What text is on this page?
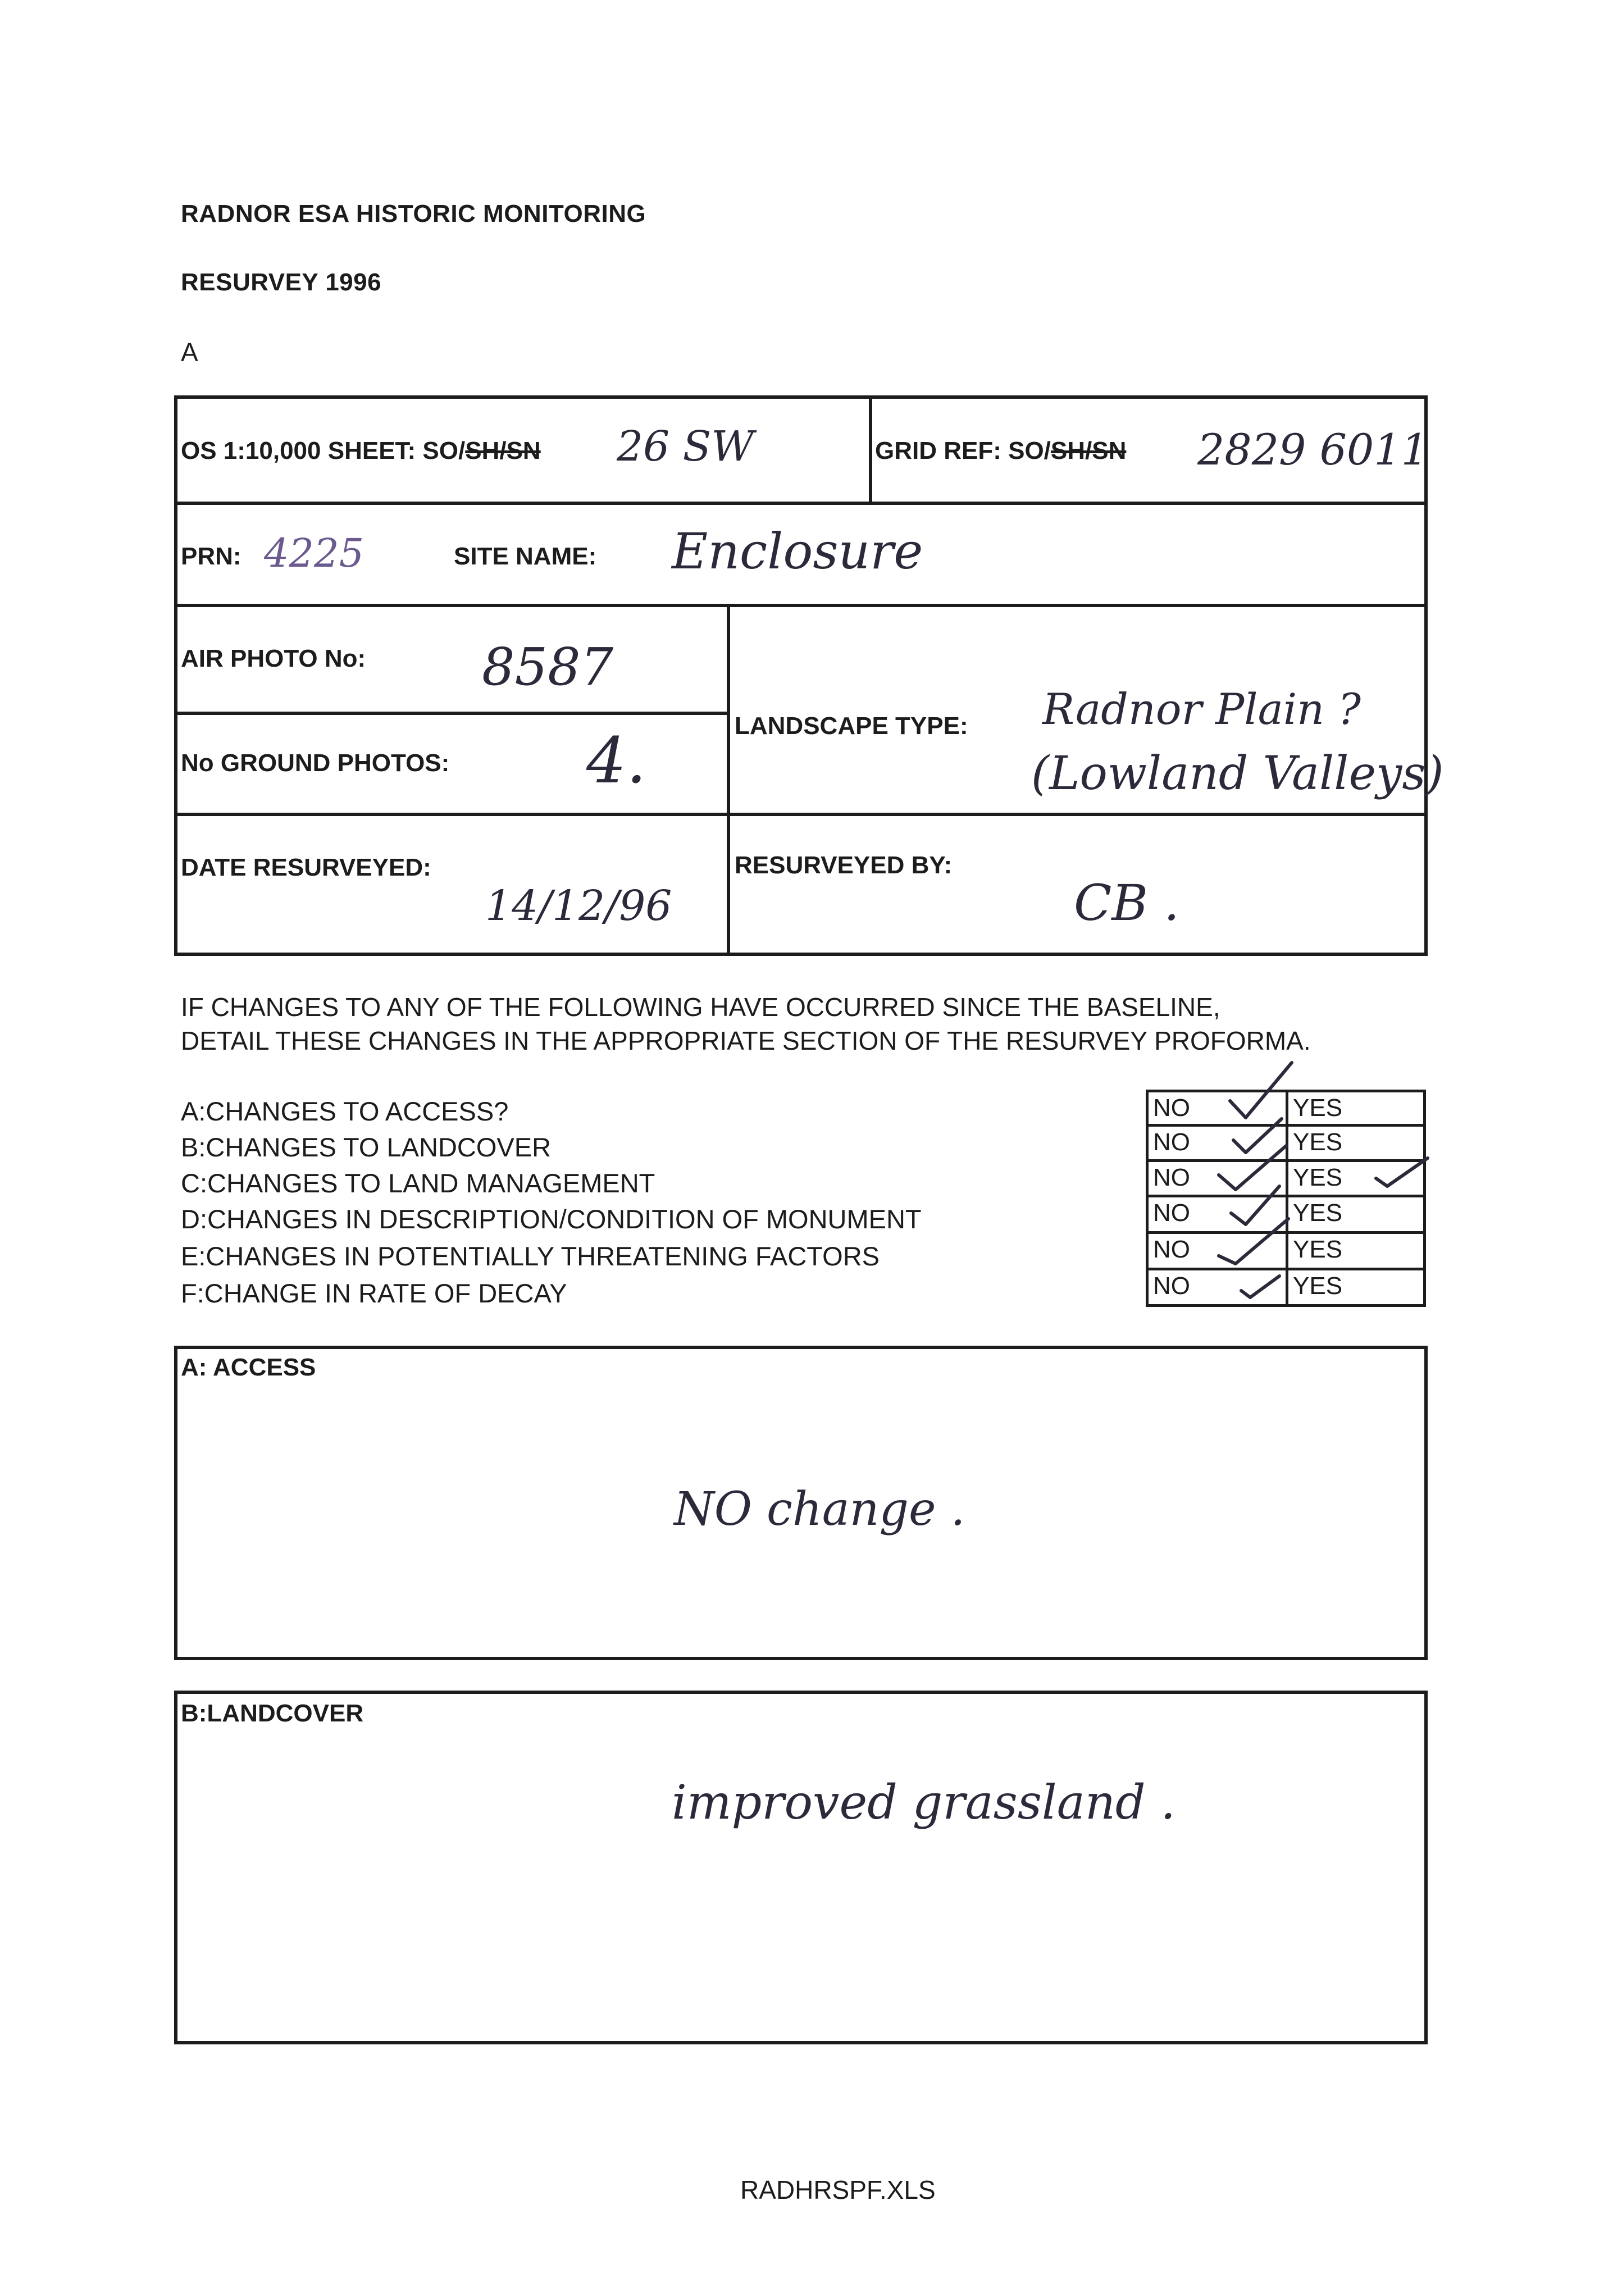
RADNOR ESA HISTORIC MONITORING
RESURVEY 1996
A
OS 1:10,000 SHEET: SO/SH/SN 26 SW	GRID REF: SO/SH/SN 2829 6011
PRN: 4225	SITE NAME: Enclosure
AIR PHOTO No: 8587
No GROUND PHOTOS: 4.	LANDSCAPE TYPE: Radnor Plain ?
(Lowland Valleys)
DATE RESURVEYED:
14/12/96
RESURVEYED BY:
CB .
IF CHANGES TO ANY OF THE FOLLOWING HAVE OCCURRED SINCE THE BASELINE,
DETAIL THESE CHANGES IN THE APPROPRIATE SECTION OF THE RESURVEY PROFORMA.
A:CHANGES TO ACCESS?
B:CHANGES TO LANDCOVER
C:CHANGES TO LAND MANAGEMENT
D:CHANGES IN DESCRIPTION/CONDITION OF MONUMENT
E:CHANGES IN POTENTIALLY THREATENING FACTORS
F:CHANGE IN RATE OF DECAY
NO	YES
NO	YES
NO	YES
NO	YES
NO	YES
NO	YES
A: ACCESS
NO change .
B:LANDCOVER
improved grassland .
RADHRSPF.XLS
